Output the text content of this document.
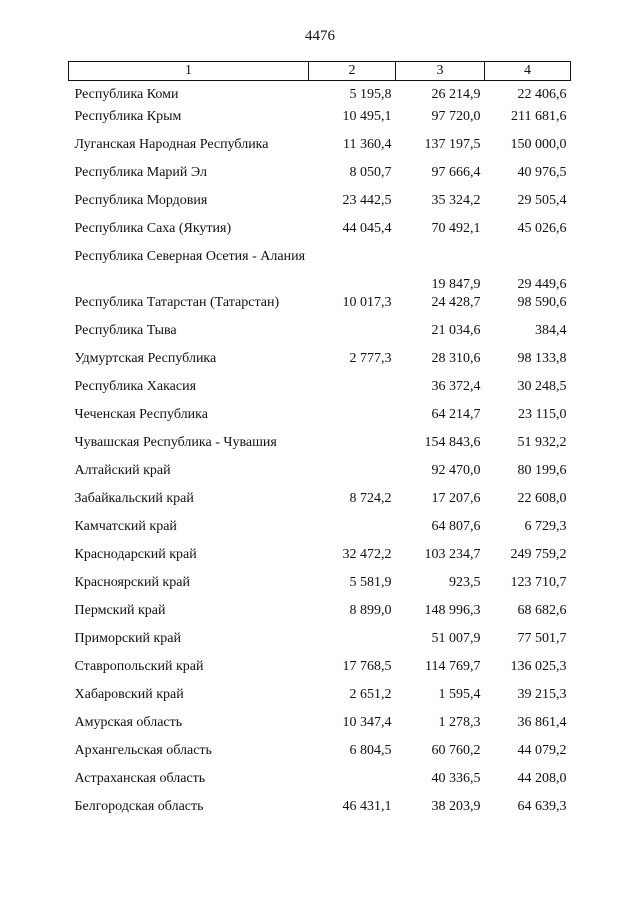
4476
1	2	3	4
Республика Коми	5 195,8	26 214,9	22 406,6
Республика Крым	10 495,1	97 720,0	211 681,6
Луганская Народная Республика	11 360,4	137 197,5	150 000,0
Республика Марий Эл	8 050,7	97 666,4	40 976,5
Республика Мордовия	23 442,5	35 324,2	29 505,4
Республика Саха (Якутия)	44 045,4	70 492,1	45 026,6
Республика Северная Осетия - Алания		19 847,9	29 449,6
Республика Татарстан (Татарстан)	10 017,3	24 428,7	98 590,6
Республика Тыва		21 034,6	384,4
Удмуртская Республика	2 777,3	28 310,6	98 133,8
Республика Хакасия		36 372,4	30 248,5
Чеченская Республика		64 214,7	23 115,0
Чувашская Республика - Чувашия		154 843,6	51 932,2
Алтайский край		92 470,0	80 199,6
Забайкальский край	8 724,2	17 207,6	22 608,0
Камчатский край		64 807,6	6 729,3
Краснодарский край	32 472,2	103 234,7	249 759,2
Красноярский край	5 581,9	923,5	123 710,7
Пермский край	8 899,0	148 996,3	68 682,6
Приморский край		51 007,9	77 501,7
Ставропольский край	17 768,5	114 769,7	136 025,3
Хабаровский край	2 651,2	1 595,4	39 215,3
Амурская область	10 347,4	1 278,3	36 861,4
Архангельская область	6 804,5	60 760,2	44 079,2
Астраханская область		40 336,5	44 208,0
Белгородская область	46 431,1	38 203,9	64 639,3
